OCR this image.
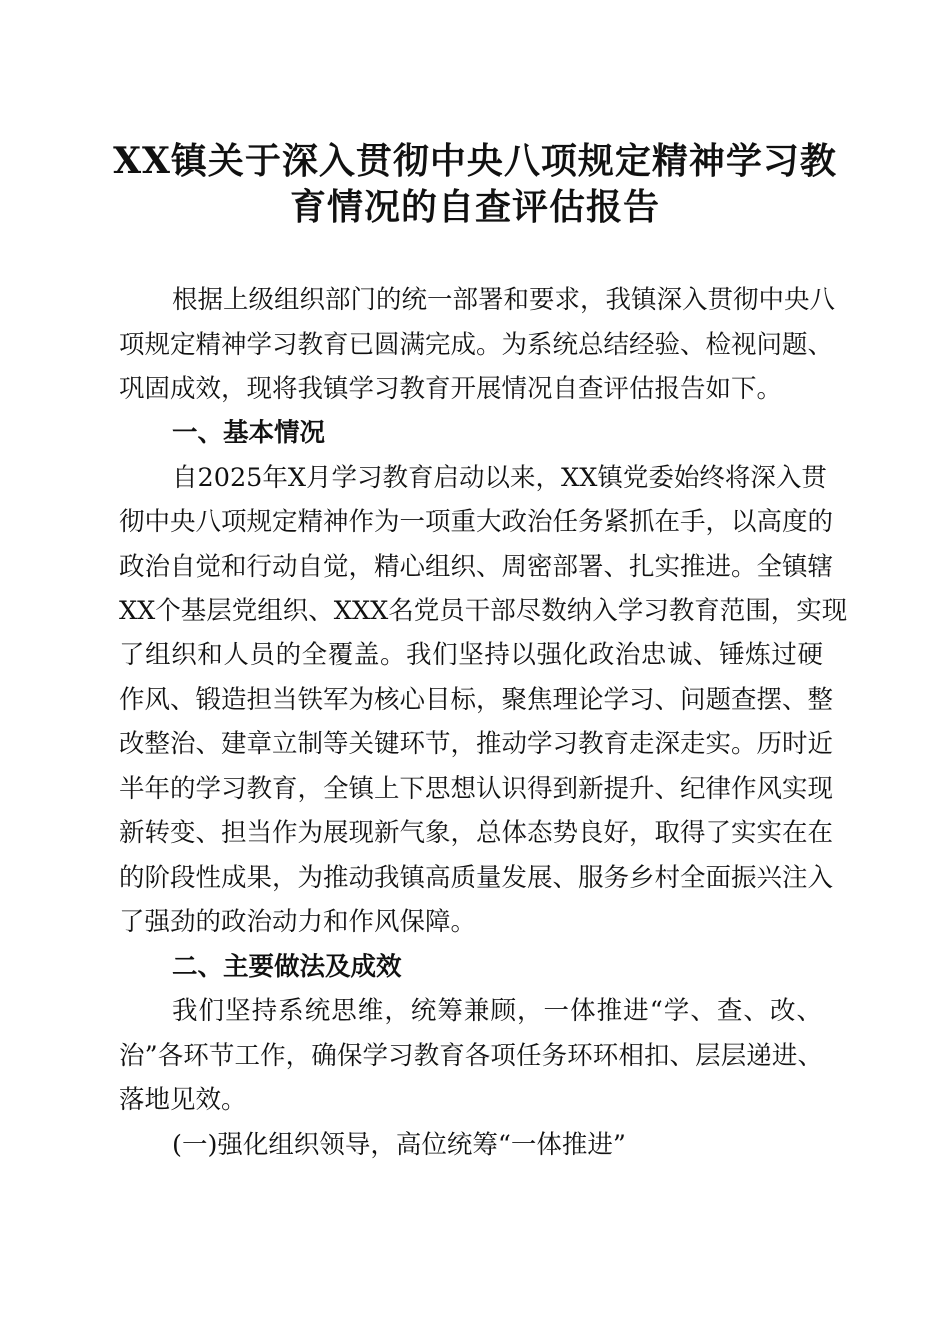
XX镇关于深入贯彻中央八项规定精神学习教
育情况的自查评估报告

根据上级组织部门的统一部署和要求，我镇深入贯彻中央八

项规定精神学习教育已圆满完成。为系统总结经验、检视问题、

巩固成效，现将我镇学习教育开展情况自查评估报告如下。

一、基本情况

自2025年X月学习教育启动以来，XX镇党委始终将深入贯

彻中央八项规定精神作为一项重大政治任务紧抓在手，以高度的

政治自觉和行动自觉，精心组织、周密部署、扎实推进。全镇辖

XX个基层党组织、XXX名党员干部尽数纳入学习教育范围，实现

了组织和人员的全覆盖。我们坚持以强化政治忠诚、锤炼过硬

作风、锻造担当铁军为核心目标，聚焦理论学习、问题查摆、整

改整治、建章立制等关键环节，推动学习教育走深走实。历时近

半年的学习教育，全镇上下思想认识得到新提升、纪律作风实现

新转变、担当作为展现新气象，总体态势良好，取得了实实在在

的阶段性成果，为推动我镇高质量发展、服务乡村全面振兴注入

了强劲的政治动力和作风保障。

二、主要做法及成效

我们坚持系统思维，统筹兼顾，一体推进“学、查、改、

治”各环节工作，确保学习教育各项任务环环相扣、层层递进、

落地见效。

(一)强化组织领导，高位统筹“一体推进”
